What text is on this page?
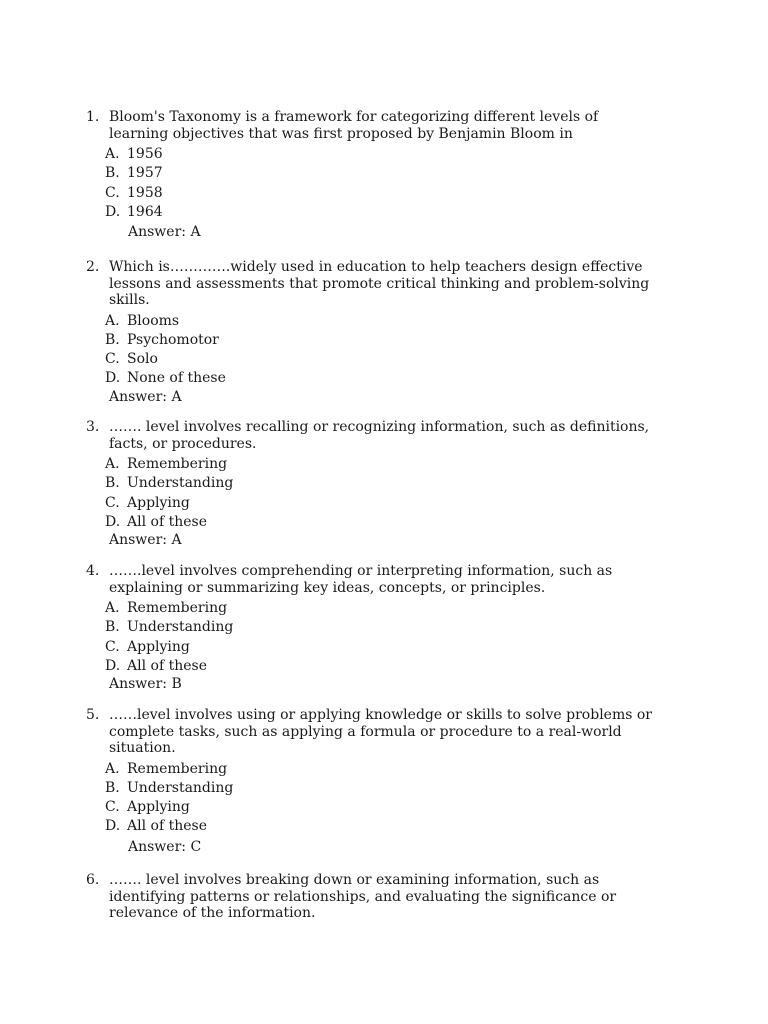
1. Bloom's Taxonomy is a framework for categorizing different levels of learning objectives that was first proposed by Benjamin Bloom in
A. 1956
B. 1957
C. 1958
D. 1964
Answer: A
2. Which is………….widely used in education to help teachers design effective lessons and assessments that promote critical thinking and problem-solving skills.
A. Blooms
B. Psychomotor
C. Solo
D. None of these
Answer: A
3. ……. level involves recalling or recognizing information, such as definitions, facts, or procedures.
A. Remembering
B. Understanding
C. Applying
D. All of these
Answer: A
4. …….level involves comprehending or interpreting information, such as explaining or summarizing key ideas, concepts, or principles.
A. Remembering
B. Understanding
C. Applying
D. All of these
Answer: B
5. ……level involves using or applying knowledge or skills to solve problems or complete tasks, such as applying a formula or procedure to a real-world situation.
A. Remembering
B. Understanding
C. Applying
D. All of these
Answer: C
6. ……. level involves breaking down or examining information, such as identifying patterns or relationships, and evaluating the significance or relevance of the information.
